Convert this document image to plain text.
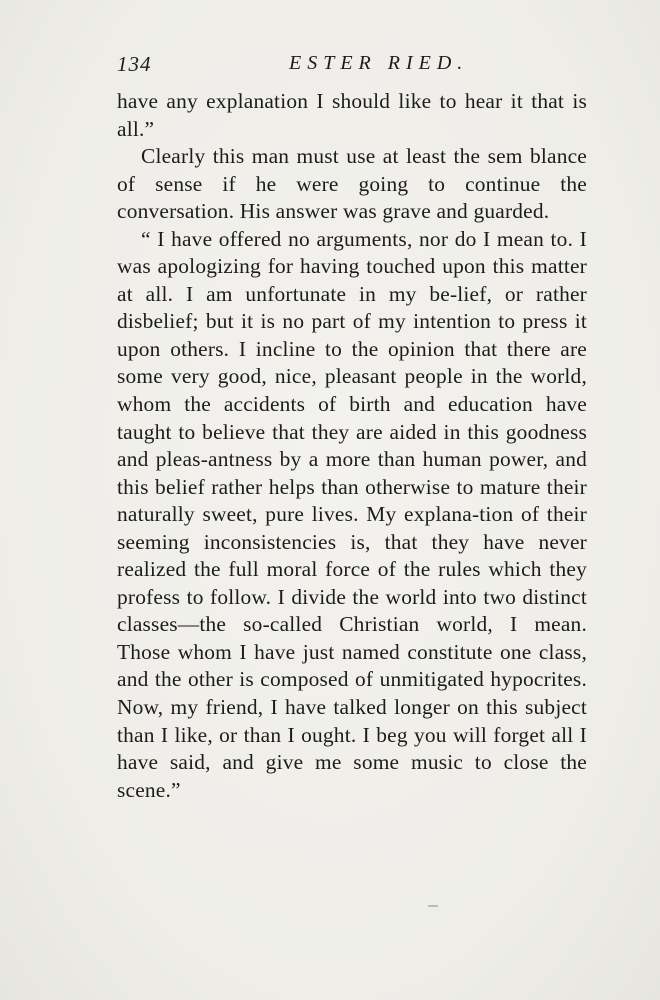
134	ESTER RIED.

have any explanation I should like to hear it that is all.”

Clearly this man must use at least the sem blance of sense if he were going to continue the conversation. His answer was grave and guarded.

“ I have offered no arguments, nor do I mean to. I was apologizing for having touched upon this matter at all. I am unfortunate in my be-lief, or rather disbelief; but it is no part of my intention to press it upon others. I incline to the opinion that there are some very good, nice, pleasant people in the world, whom the accidents of birth and education have taught to believe that they are aided in this goodness and pleas-antness by a more than human power, and this belief rather helps than otherwise to mature their naturally sweet, pure lives. My explana-tion of their seeming inconsistencies is, that they have never realized the full moral force of the rules which they profess to follow. I divide the world into two distinct classes—the so-called Christian world, I mean. Those whom I have just named constitute one class, and the other is composed of unmitigated hypocrites. Now, my friend, I have talked longer on this subject than I like, or than I ought. I beg you will forget all I have said, and give me some music to close the scene.”
